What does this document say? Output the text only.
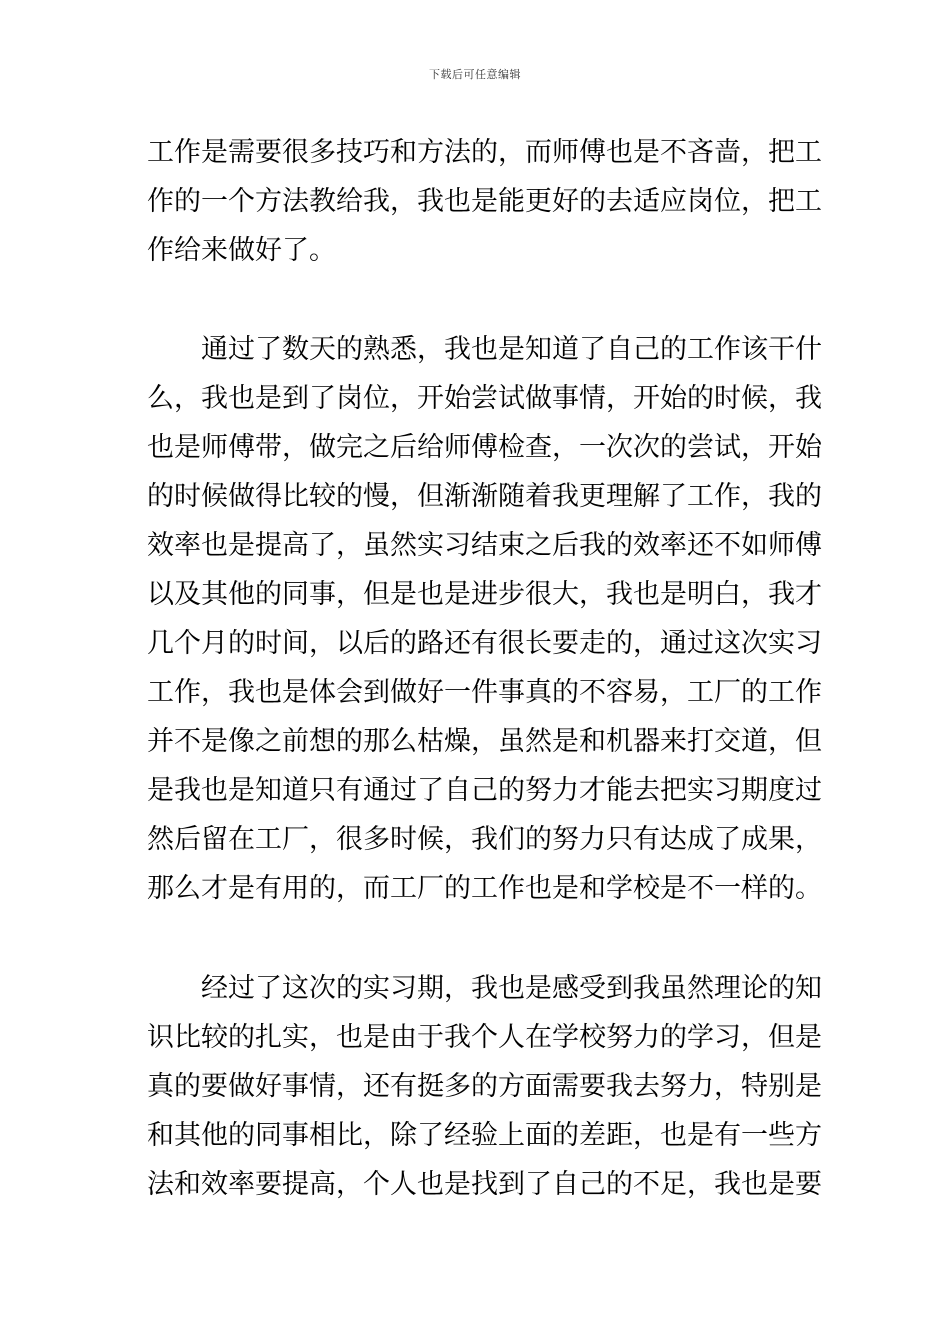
下载后可任意编辑
工作是需要很多技巧和方法的，而师傅也是不吝啬，把工
作的一个方法教给我，我也是能更好的去适应岗位，把工
作给来做好了。
通过了数天的熟悉，我也是知道了自己的工作该干什
么，我也是到了岗位，开始尝试做事情，开始的时候，我
也是师傅带，做完之后给师傅检查，一次次的尝试，开始
的时候做得比较的慢，但渐渐随着我更理解了工作，我的
效率也是提高了，虽然实习结束之后我的效率还不如师傅
以及其他的同事，但是也是进步很大，我也是明白，我才
几个月的时间，以后的路还有很长要走的，通过这次实习
工作，我也是体会到做好一件事真的不容易，工厂的工作
并不是像之前想的那么枯燥，虽然是和机器来打交道，但
是我也是知道只有通过了自己的努力才能去把实习期度过
然后留在工厂，很多时候，我们的努力只有达成了成果，
那么才是有用的，而工厂的工作也是和学校是不一样的。
经过了这次的实习期，我也是感受到我虽然理论的知
识比较的扎实，也是由于我个人在学校努力的学习，但是
真的要做好事情，还有挺多的方面需要我去努力，特别是
和其他的同事相比，除了经验上面的差距，也是有一些方
法和效率要提高，个人也是找到了自己的不足，我也是要
